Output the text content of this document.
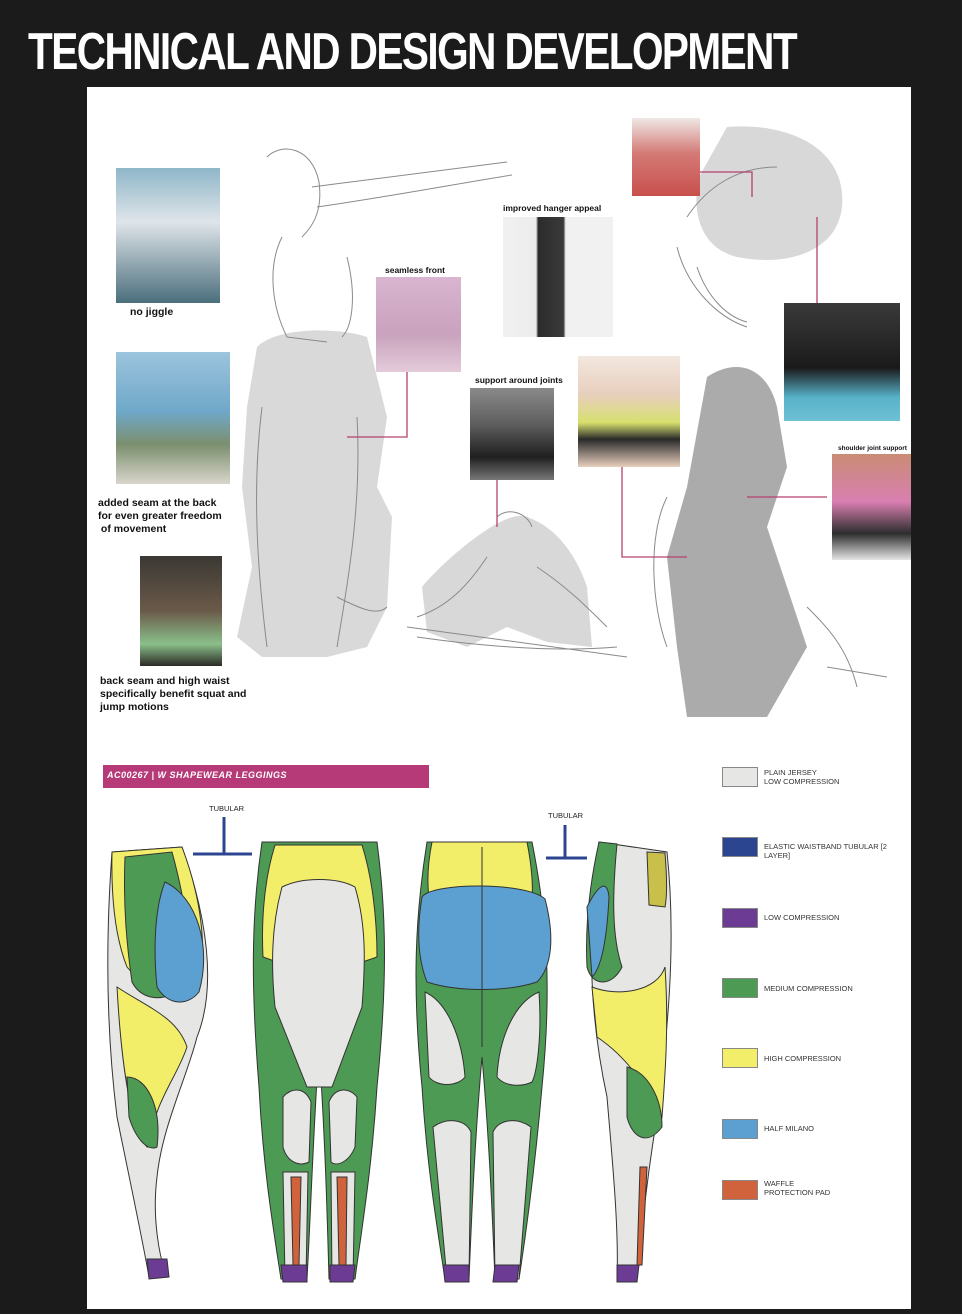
TECHNICAL AND DESIGN DEVELOPMENT
no jiggle
added seam at the back
for even greater freedom
of movement
back seam and high waist
specifically benefit squat and
jump motions
seamless front
improved hanger appeal
support around joints
shoulder joint support
AC00267 | W SHAPEWEAR LEGGINGS
TUBULAR
TUBULAR
PLAIN JERSEY
LOW COMPRESSION
ELASTIC WAISTBAND TUBULAR [2 LAYER]
LOW COMPRESSION
MEDIUM COMPRESSION
HIGH COMPRESSION
HALF MILANO
WAFFLE
PROTECTION PAD
